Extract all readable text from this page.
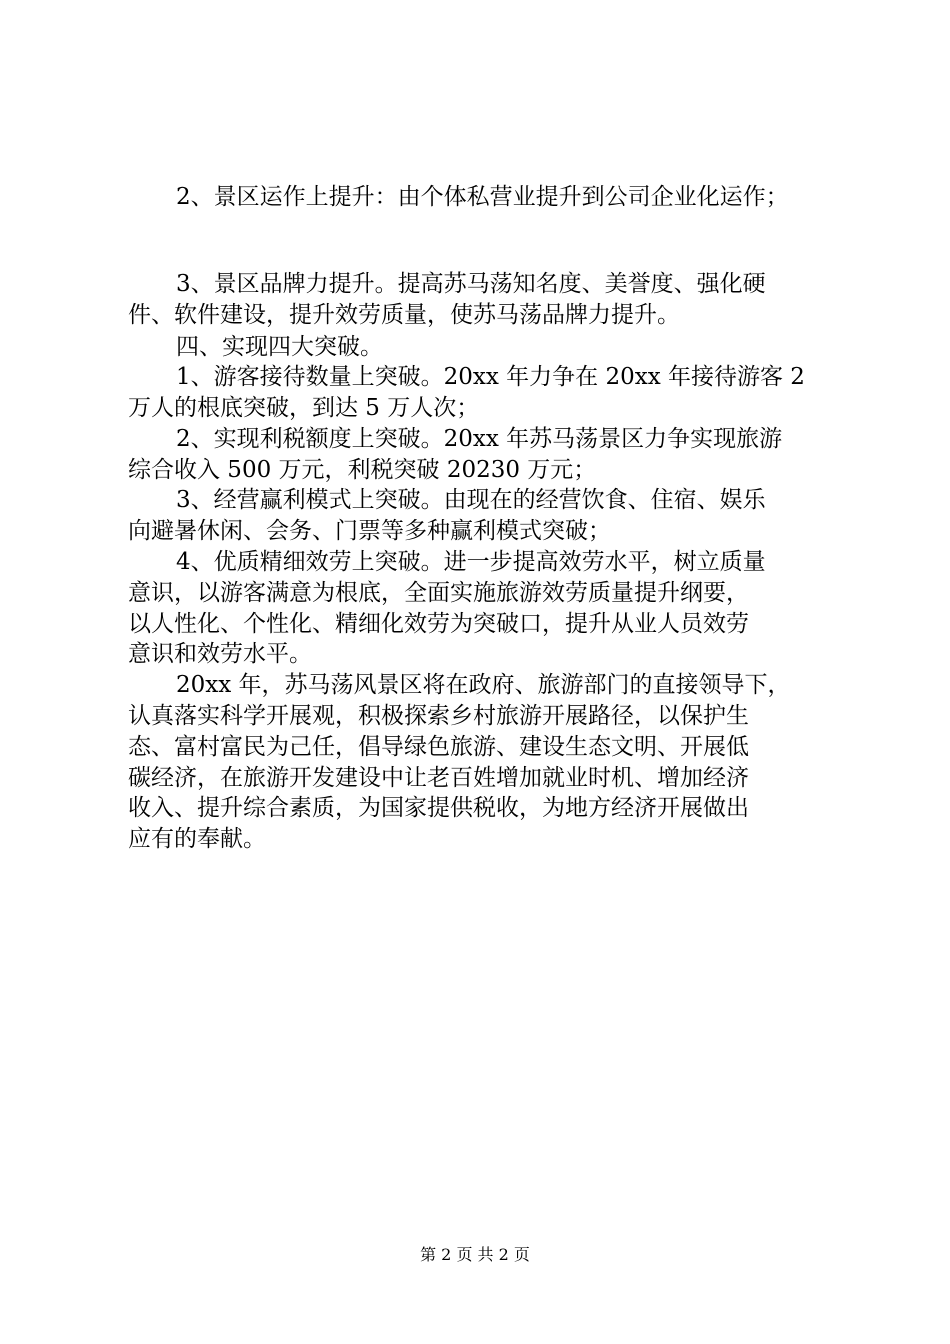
2、景区运作上提升：由个体私营业提升到公司企业化运作；
3、景区品牌力提升。提高苏马荡知名度、美誉度、强化硬
件、软件建设，提升效劳质量，使苏马荡品牌力提升。
四、实现四大突破。
1、游客接待数量上突破。20xx 年力争在 20xx 年接待游客 2
万人的根底突破，到达 5 万人次；
2、实现利税额度上突破。20xx 年苏马荡景区力争实现旅游
综合收入 500 万元，利税突破 20230 万元；
3、经营赢利模式上突破。由现在的经营饮食、住宿、娱乐
向避暑休闲、会务、门票等多种赢利模式突破；
4、优质精细效劳上突破。进一步提高效劳水平，树立质量
意识，以游客满意为根底，全面实施旅游效劳质量提升纲要，
以人性化、个性化、精细化效劳为突破口，提升从业人员效劳
意识和效劳水平。
20xx 年，苏马荡风景区将在政府、旅游部门的直接领导下，
认真落实科学开展观，积极探索乡村旅游开展路径，以保护生
态、富村富民为己任，倡导绿色旅游、建设生态文明、开展低
碳经济，在旅游开发建设中让老百姓增加就业时机、增加经济
收入、提升综合素质，为国家提供税收，为地方经济开展做出
应有的奉献。
第 2 页 共 2 页
